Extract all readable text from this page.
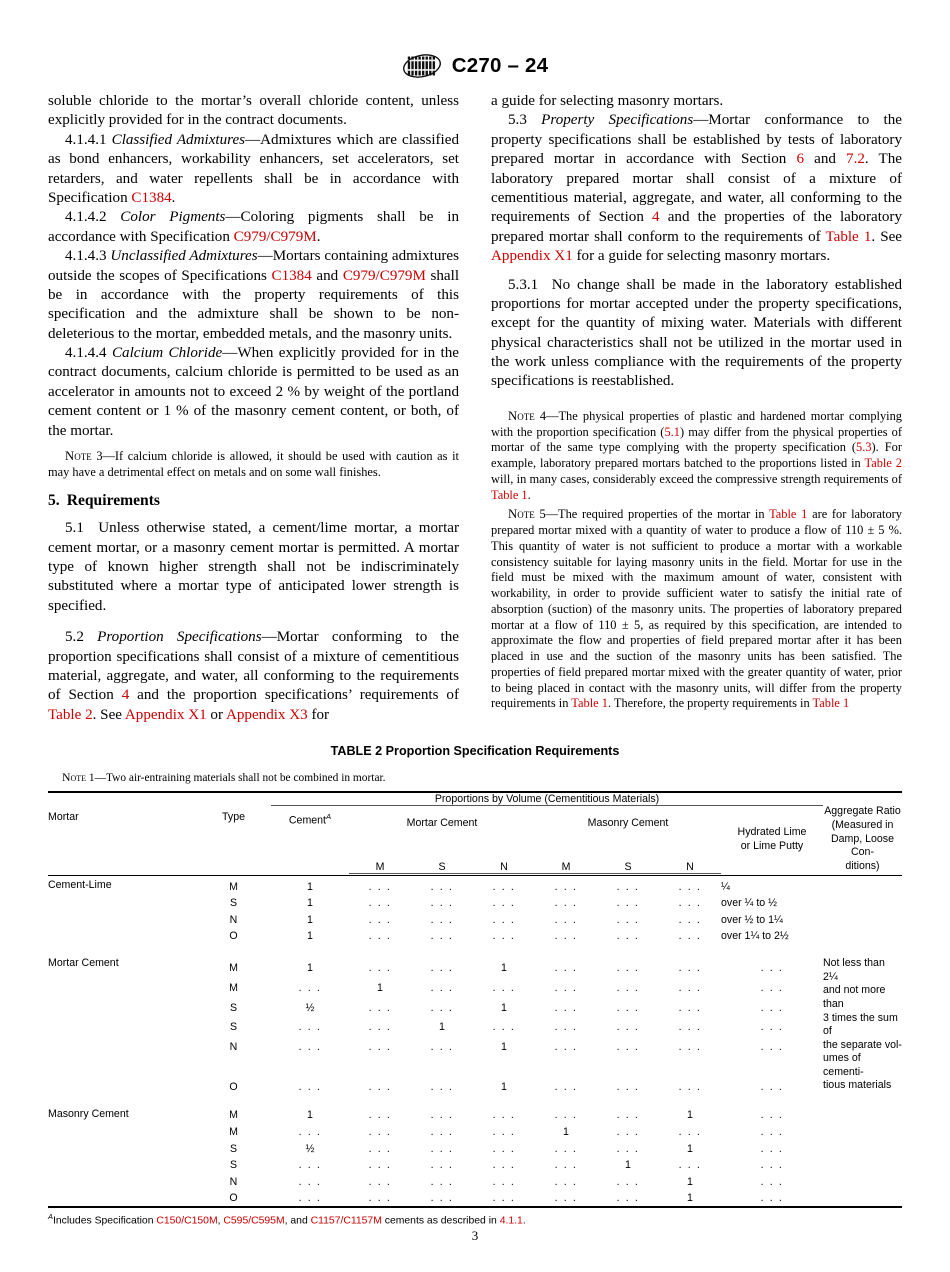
C270 – 24

soluble chloride to the mortar’s overall chloride content, unless explicitly provided for in the contract documents.

4.1.4.1 Classified Admixtures—Admixtures which are classified as bond enhancers, workability enhancers, set accelerators, set retarders, and water repellents shall be in accordance with Specification C1384.

4.1.4.2 Color Pigments—Coloring pigments shall be in accordance with Specification C979/C979M.

4.1.4.3 Unclassified Admixtures—Mortars containing admixtures outside the scopes of Specifications C1384 and C979/C979M shall be in accordance with the property requirements of this specification and the admixture shall be shown to be non-deleterious to the mortar, embedded metals, and the masonry units.

4.1.4.4 Calcium Chloride—When explicitly provided for in the contract documents, calcium chloride is permitted to be used as an accelerator in amounts not to exceed 2 % by weight of the portland cement content or 1 % of the masonry cement content, or both, of the mortar.

Note 3—If calcium chloride is allowed, it should be used with caution as it may have a detrimental effect on metals and on some wall finishes.

5. Requirements

5.1 Unless otherwise stated, a cement/lime mortar, a mortar cement mortar, or a masonry cement mortar is permitted. A mortar type of known higher strength shall not be indiscriminately substituted where a mortar type of anticipated lower strength is specified.

5.2 Proportion Specifications—Mortar conforming to the proportion specifications shall consist of a mixture of cementitious material, aggregate, and water, all conforming to the requirements of Section 4 and the proportion specifications’ requirements of Table 2. See Appendix X1 or Appendix X3 for

a guide for selecting masonry mortars.

5.3 Property Specifications—Mortar conformance to the property specifications shall be established by tests of laboratory prepared mortar in accordance with Section 6 and 7.2. The laboratory prepared mortar shall consist of a mixture of cementitious material, aggregate, and water, all conforming to the requirements of Section 4 and the properties of the laboratory prepared mortar shall conform to the requirements of Table 1. See Appendix X1 for a guide for selecting masonry mortars.

5.3.1 No change shall be made in the laboratory established proportions for mortar accepted under the property specifications, except for the quantity of mixing water. Materials with different physical characteristics shall not be utilized in the mortar used in the work unless compliance with the requirements of the property specifications is reestablished.

Note 4—The physical properties of plastic and hardened mortar complying with the proportion specification (5.1) may differ from the physical properties of mortar of the same type complying with the property specification (5.3). For example, laboratory prepared mortars batched to the proportions listed in Table 2 will, in many cases, considerably exceed the compressive strength requirements of Table 1.

Note 5—The required properties of the mortar in Table 1 are for laboratory prepared mortar mixed with a quantity of water to produce a flow of 110 ± 5 %. This quantity of water is not sufficient to produce a mortar with a workable consistency suitable for laying masonry units in the field. Mortar for use in the field must be mixed with the maximum amount of water, consistent with workability, in order to provide sufficient water to satisfy the initial rate of absorption (suction) of the masonry units. The properties of laboratory prepared mortar at a flow of 110 ± 5, as required by this specification, are intended to approximate the flow and properties of field prepared mortar after it has been placed in use and the suction of the masonry units has been satisfied. The properties of field prepared mortar mixed with the greater quantity of water, prior to being placed in contact with the masonry units, will differ from the property requirements in Table 1. Therefore, the property requirements in Table 1

TABLE 2 Proportion Specification Requirements

Note 1—Two air-entraining materials shall not be combined in mortar.

		Proportions by Volume (Cementitious Materials)								
Mortar	Type	Cement$^A$	Mortar Cement			Masonry Cement			Hydrated Lime
or Lime Putty	Aggregate Ratio
(Measured in
Damp, Loose Con-
ditions)

			M	S	N	M	S	N		

Cement-Lime	M	1	. . .	. . .	. . .	. . .	. . .	. . .	¼	
	S	1	. . .	. . .	. . .	. . .	. . .	. . .	over ¼ to ½	
	N	1	. . .	. . .	. . .	. . .	. . .	. . .	over ½ to 1¼	
	O	1	. . .	. . .	. . .	. . .	. . .	. . .	over 1¼ to 2½	

Mortar Cement	M	1	. . .	. . .	1	. . .	. . .	. . .	. . .	Not less than 2¼
and not more than
3 times the sum of
the separate vol-
umes of cementi-
tious materials
	M	. . .	1	. . .	. . .	. . .	. . .	. . .	. . .	
	S	½	. . .	. . .	1	. . .	. . .	. . .	. . .	
	S	. . .	. . .	1	. . .	. . .	. . .	. . .	. . .	
	N	. . .	. . .	. . .	1	. . .	. . .	. . .	. . .	

	O	. . .	. . .	. . .	1	. . .	. . .	. . .	. . .	

Masonry Cement	M	1	. . .	. . .	. . .	. . .	. . .	1	. . .	
	M	. . .	. . .	. . .	. . .	1	. . .	. . .	. . .	
	S	½	. . .	. . .	. . .	. . .	. . .	1	. . .	
	S	. . .	. . .	. . .	. . .	. . .	1	. . .	. . .	
	N	. . .	. . .	. . .	. . .	. . .	. . .	1	. . .	
	O	. . .	. . .	. . .	. . .	. . .	. . .	1	. . .	

$^A$Includes Specification C150/C150M, C595/C595M, and C1157/C1157M cements as described in 4.1.1.
3
